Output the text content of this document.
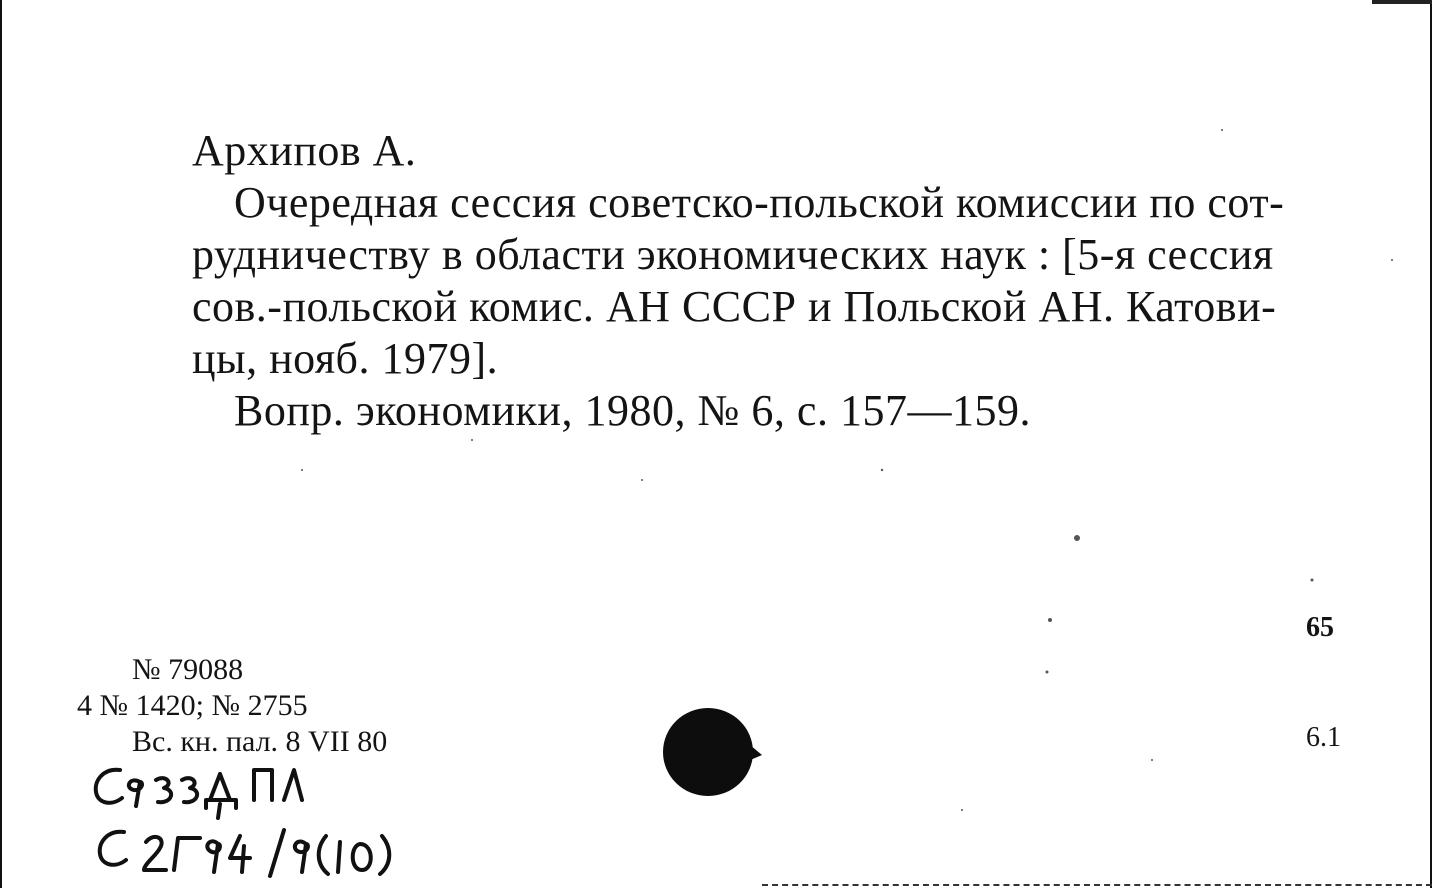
Архипов А.
Очередная сессия советско-польской комиссии по сот-
рудничеству в области экономических наук : [5-я сессия
сов.-польской комис. АН СССР и Польской АН. Катови-
цы, нояб. 1979].
Вопр. экономики, 1980, № 6, с. 157—159.
65
6.1
№ 79088
4 № 1420; № 2755
Вс. кн. пал. 8 VII 80
